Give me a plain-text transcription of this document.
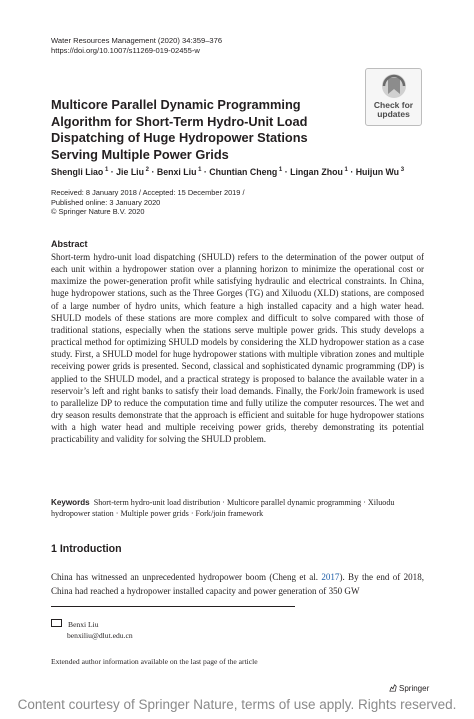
Water Resources Management (2020) 34:359–376
https://doi.org/10.1007/s11269-019-02455-w
Check for
updates
Multicore Parallel Dynamic Programming Algorithm for Short-Term Hydro-Unit Load Dispatching of Huge Hydropower Stations Serving Multiple Power Grids
Shengli Liao $^1$ · Jie Liu $^2$ · Benxi Liu $^1$ · Chuntian Cheng $^1$ · Lingan Zhou $^1$ · Huijun Wu $^3$
Received: 8 January 2018 / Accepted: 15 December 2019 /
Published online: 3 January 2020
© Springer Nature B.V. 2020
Abstract
Short-term hydro-unit load dispatching (SHULD) refers to the determination of the power output of each unit within a hydropower station over a planning horizon to minimize the operational cost or maximize the power-generation profit while satisfying hydraulic and electrical constraints. In China, huge hydropower stations, such as the Three Gorges (TG) and Xiluodu (XLD) stations, are composed of a large number of hydro units, which feature a high installed capacity and a high water head. SHULD models of these stations are more complex and difficult to solve compared with those of traditional stations, especially when the stations serve multiple power grids. This study develops a practical method for optimizing SHULD models by considering the XLD hydropower station as a case study. First, a SHULD model for huge hydropower stations with multiple vibration zones and multiple receiving power grids is presented. Second, classical and sophisticated dynamic programming (DP) is applied to the SHULD model, and a practical strategy is proposed to balance the available water in a reservoir’s left and right banks to satisfy their load demands. Finally, the Fork/Join framework is used to parallelize DP to reduce the computation time and fully utilize the computer resources. The wet and dry season results demonstrate that the approach is efficient and suitable for huge hydropower stations with a high water head and multiple receiving power grids, thereby demonstrating its potential practicability and validity for solving the SHULD problem.
Keywords Short-term hydro-unit load distribution · Multicore parallel dynamic programming · Xiluodu hydropower station · Multiple power grids · Fork/join framework
1 Introduction
China has witnessed an unprecedented hydropower boom (Cheng et al. 2017). By the end of 2018, China had reached a hydropower installed capacity and power generation of 350 GW
Benxi Liu
benxiliu@dlut.edu.cn
Extended author information available on the last page of the article
Springer
Content courtesy of Springer Nature, terms of use apply. Rights reserved.
